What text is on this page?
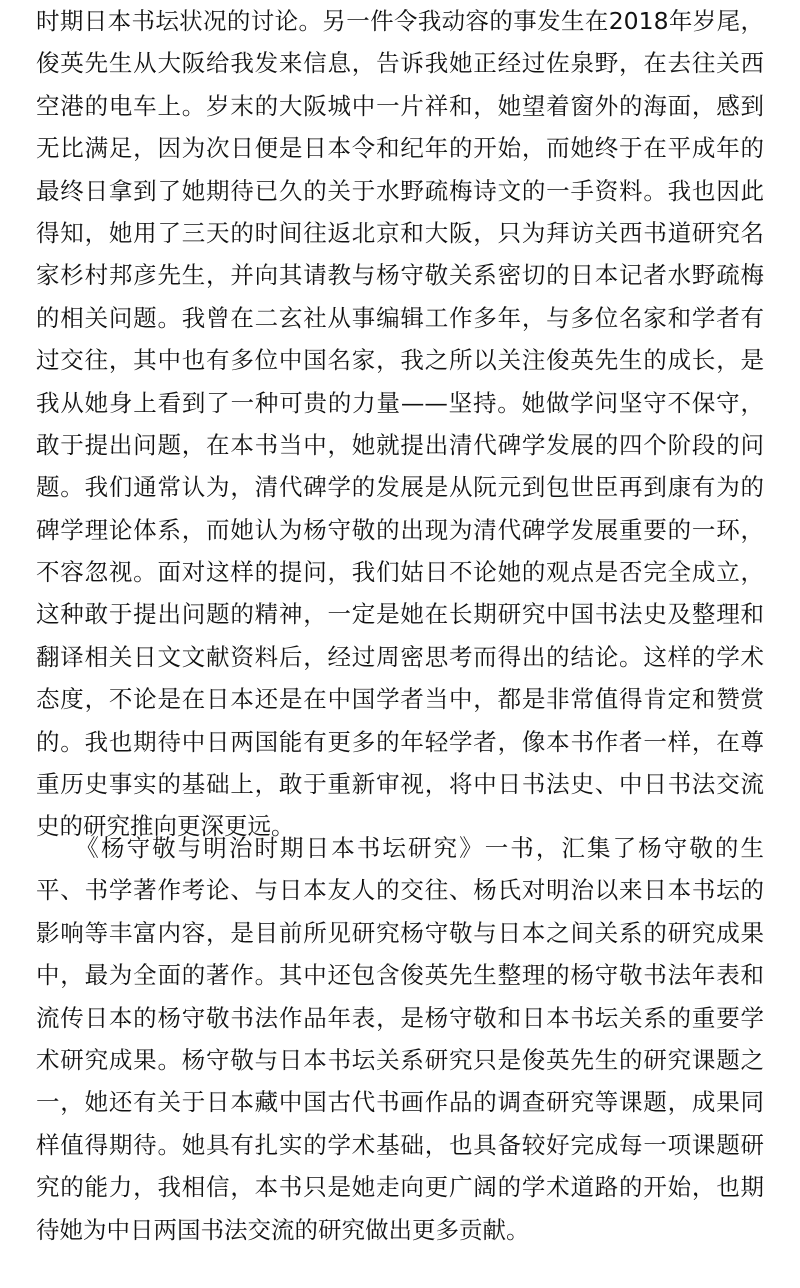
时期日本书坛状况的讨论。另一件令我动容的事发生在2018年岁尾，
俊英先生从大阪给我发来信息，告诉我她正经过佐泉野，在去往关西
空港的电车上。岁末的大阪城中一片祥和，她望着窗外的海面，感到
无比满足，因为次日便是日本令和纪年的开始，而她终于在平成年的
最终日拿到了她期待已久的关于水野疏梅诗文的一手资料。我也因此
得知，她用了三天的时间往返北京和大阪，只为拜访关西书道研究名
家杉村邦彦先生，并向其请教与杨守敬关系密切的日本记者水野疏梅
的相关问题。我曾在二玄社从事编辑工作多年，与多位名家和学者有
过交往，其中也有多位中国名家，我之所以关注俊英先生的成长，是
我从她身上看到了一种可贵的力量——坚持。她做学问坚守不保守，
敢于提出问题，在本书当中，她就提出清代碑学发展的四个阶段的问
题。我们通常认为，清代碑学的发展是从阮元到包世臣再到康有为的
碑学理论体系，而她认为杨守敬的出现为清代碑学发展重要的一环，
不容忽视。面对这样的提问，我们姑日不论她的观点是否完全成立，
这种敢于提出问题的精神，一定是她在长期研究中国书法史及整理和
翻译相关日文文献资料后，经过周密思考而得出的结论。这样的学术
态度，不论是在日本还是在中国学者当中，都是非常值得肯定和赞赏
的。我也期待中日两国能有更多的年轻学者，像本书作者一样，在尊
重历史事实的基础上，敢于重新审视，将中日书法史、中日书法交流
史的研究推向更深更远。
　　《杨守敬与明治时期日本书坛研究》一书，汇集了杨守敬的生
平、书学著作考论、与日本友人的交往、杨氏对明治以来日本书坛的
影响等丰富内容，是目前所见研究杨守敬与日本之间关系的研究成果
中，最为全面的著作。其中还包含俊英先生整理的杨守敬书法年表和
流传日本的杨守敬书法作品年表，是杨守敬和日本书坛关系的重要学
术研究成果。杨守敬与日本书坛关系研究只是俊英先生的研究课题之
一，她还有关于日本藏中国古代书画作品的调查研究等课题，成果同
样值得期待。她具有扎实的学术基础，也具备较好完成每一项课题研
究的能力，我相信，本书只是她走向更广阔的学术道路的开始，也期
待她为中日两国书法交流的研究做出更多贡献。
